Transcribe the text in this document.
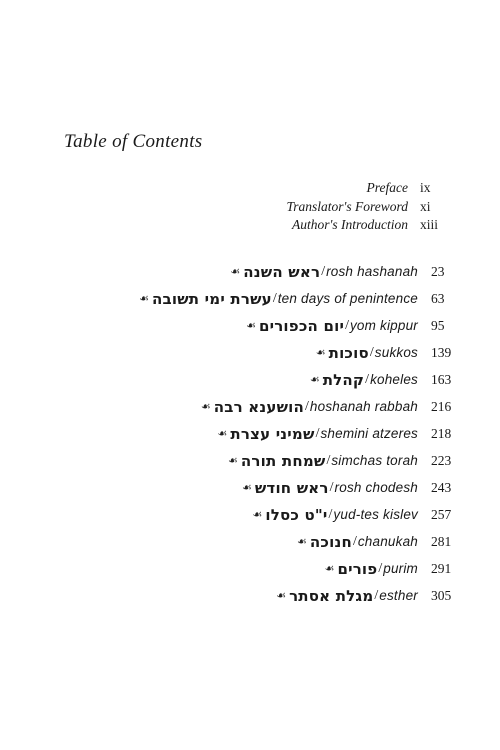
Table of Contents
Preface ix
Translator's Foreword xi
Author's Introduction xiii
☙ ראש השנה / rosh hashanah 23
☙ עשרת ימי תשובה / ten days of penintence 63
☙ יום הכפורים / yom kippur 95
☙ סוכות / sukkos 139
☙ קהלת / koheles 163
☙ הושענא רבה / hoshanah rabbah 216
☙ שמיני עצרת / shemini atzeres 218
☙ שמחת תורה / simchas torah 223
☙ ראש חודש / rosh chodesh 243
☙ י"ט כסלו / yud-tes kislev 257
☙ חנוכה / chanukah 281
☙ פורים / purim 291
☙ מגלת אסתר / esther 305
